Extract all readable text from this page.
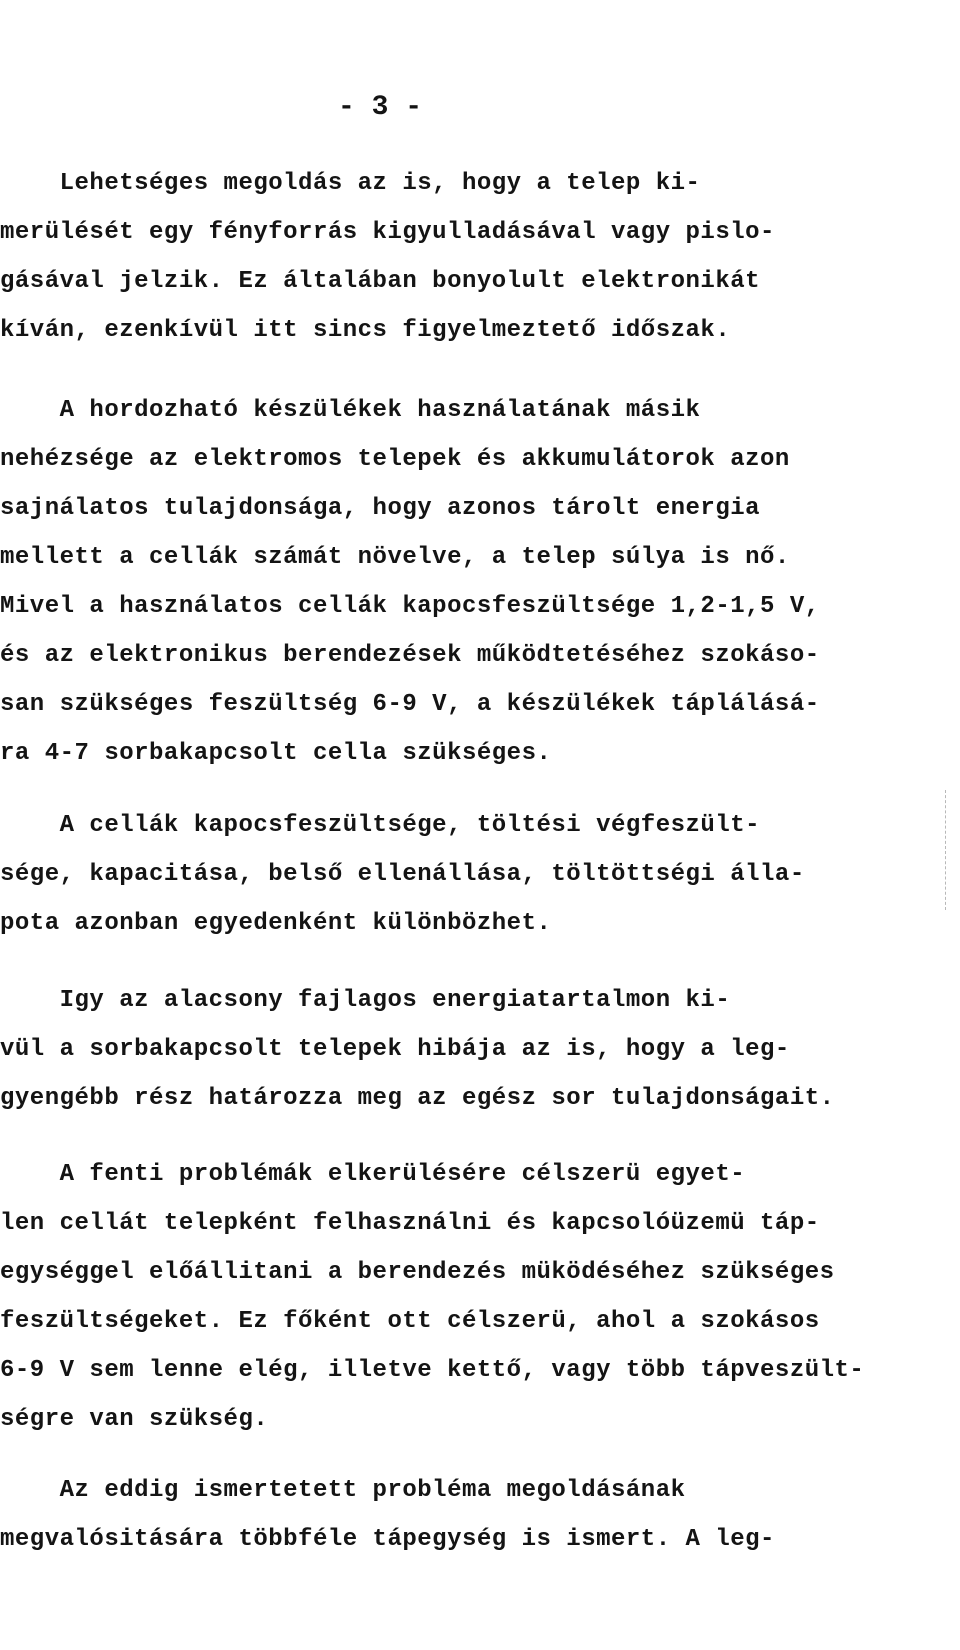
- 3 -
Lehetséges megoldás az is, hogy a telep ki-
merülését egy fényforrás kigyulladásával vagy pislo-
gásával jelzik. Ez általában bonyolult elektronikát
kíván, ezenkívül itt sincs figyelmeztető időszak.
A hordozható készülékek használatának másik
nehézsége az elektromos telepek és akkumulátorok azon
sajnálatos tulajdonsága, hogy azonos tárolt energia
mellett a cellák számát növelve, a telep súlya is nő.
Mivel a használatos cellák kapocsfeszültsége 1,2-1,5 V,
és az elektronikus berendezések működtetéséhez szokáso-
san szükséges feszültség 6-9 V, a készülékek táplálásá-
ra 4-7 sorbakapcsolt cella szükséges.
A cellák kapocsfeszültsége, töltési végfeszült-
sége, kapacitása, belső ellenállása, töltöttségi álla-
pota azonban egyedenként különbözhet.
Igy az alacsony fajlagos energiatartalmon ki-
vül a sorbakapcsolt telepek hibája az is, hogy a leg-
gyengébb rész határozza meg az egész sor tulajdonságait.
A fenti problémák elkerülésére célszerü egyet-
len cellát telepként felhasználni és kapcsolóüzemü táp-
egységgel előállitani a berendezés müködéséhez szükséges
feszültségeket. Ez főként ott célszerü, ahol a szokásos
6-9 V sem lenne elég, illetve kettő, vagy több tápveszült-
ségre van szükség.
Az eddig ismertetett probléma megoldásának
megvalósitására többféle tápegység is ismert. A leg-
